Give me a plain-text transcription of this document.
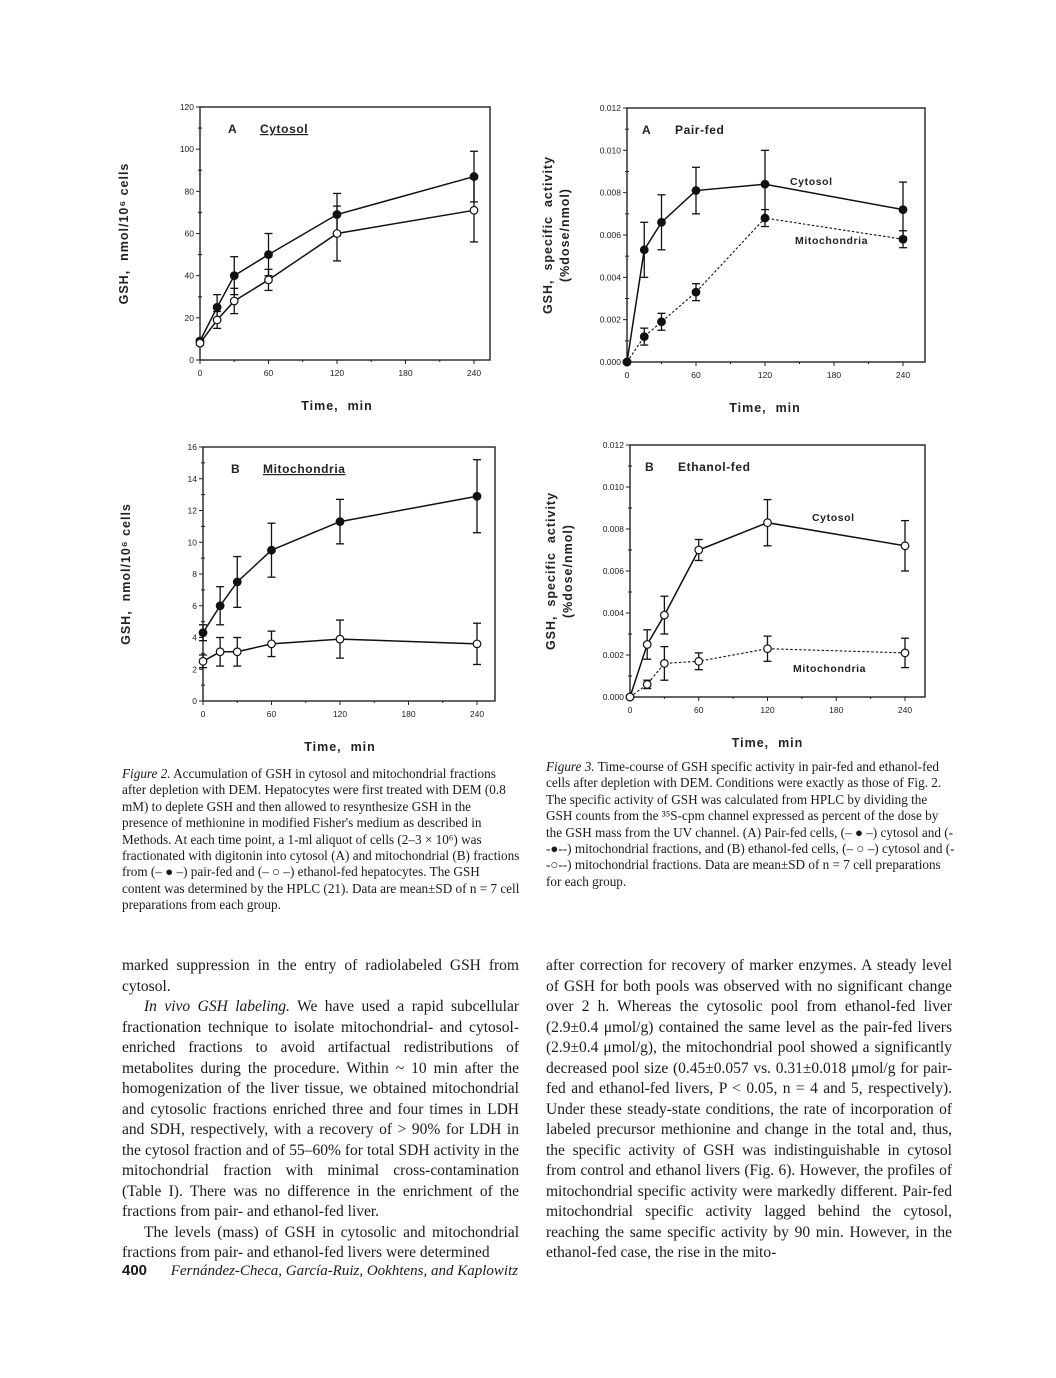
0
20
40
60
80
100
120
0	60	120	180	240
Time,  min
GSH,  nmol/10⁶ cells
A Cytosol
0.000
0.002
0.004
0.006
0.008
0.010
0.012
0	60	120	180	240
Time,  min
GSH,  specific  activity (%dose/nmol)
A Pair-fed
Cytosol
Mitochondria
0
2
4
6
8
10
12
14
16
0	60	120	180	240
Time,  min
GSH,  nmol/10⁶ cells
B Mitochondria
0.000
0.002
0.004
0.006
0.008
0.010
0.012
0	60	120	180	240
Time,  min
GSH,  specific  activity (%dose/nmol)
B Ethanol-fed
Cytosol
Mitochondria
Figure 2. Accumulation of GSH in cytosol and mitochondrial fractions after depletion with DEM. Hepatocytes were first treated with DEM (0.8 mM) to deplete GSH and then allowed to resynthesize GSH in the presence of methionine in modified Fisher's medium as described in Methods. At each time point, a 1-ml aliquot of cells (2–3 × 10⁶) was fractionated with digitonin into cytosol (A) and mitochondrial (B) fractions from (– ● –) pair-fed and (– ○ –) ethanol-fed hepatocytes. The GSH content was determined by the HPLC (21). Data are mean±SD of n = 7 cell preparations from each group.
Figure 3. Time-course of GSH specific activity in pair-fed and ethanol-fed cells after depletion with DEM. Conditions were exactly as those of Fig. 2. The specific activity of GSH was calculated from HPLC by dividing the GSH counts from the ³⁵S-cpm channel expressed as percent of the dose by the GSH mass from the UV channel. (A) Pair-fed cells, (– ● –) cytosol and (--●--) mitochondrial fractions, and (B) ethanol-fed cells, (– ○ –) cytosol and (--○--) mitochondrial fractions. Data are mean±SD of n = 7 cell preparations for each group.

marked suppression in the entry of radiolabeled GSH from cytosol.

In vivo GSH labeling. We have used a rapid subcellular fractionation technique to isolate mitochondrial- and cytosol-enriched fractions to avoid artifactual redistributions of metabolites during the procedure. Within ~ 10 min after the homogenization of the liver tissue, we obtained mitochondrial and cytosolic fractions enriched three and four times in LDH and SDH, respectively, with a recovery of > 90% for LDH in the cytosol fraction and of 55–60% for total SDH activity in the mitochondrial fraction with minimal cross-contamination (Table I). There was no difference in the enrichment of the fractions from pair- and ethanol-fed liver.

The levels (mass) of GSH in cytosolic and mitochondrial fractions from pair- and ethanol-fed livers were determined

after correction for recovery of marker enzymes. A steady level of GSH for both pools was observed with no significant change over 2 h. Whereas the cytosolic pool from ethanol-fed liver (2.9±0.4 μmol/g) contained the same level as the pair-fed livers (2.9±0.4 μmol/g), the mitochondrial pool showed a significantly decreased pool size (0.45±0.057 vs. 0.31±0.018 μmol/g for pair-fed and ethanol-fed livers, P < 0.05, n = 4 and 5, respectively). Under these steady-state conditions, the rate of incorporation of labeled precursor methionine and change in the total and, thus, the specific activity of GSH was indistinguishable in cytosol from control and ethanol livers (Fig. 6). However, the profiles of mitochondrial specific activity were markedly different. Pair-fed mitochondrial specific activity lagged behind the cytosol, reaching the same specific activity by 90 min. However, in the ethanol-fed case, the rise in the mito-

400 Fernández-Checa, García-Ruiz, Ookhtens, and Kaplowitz
